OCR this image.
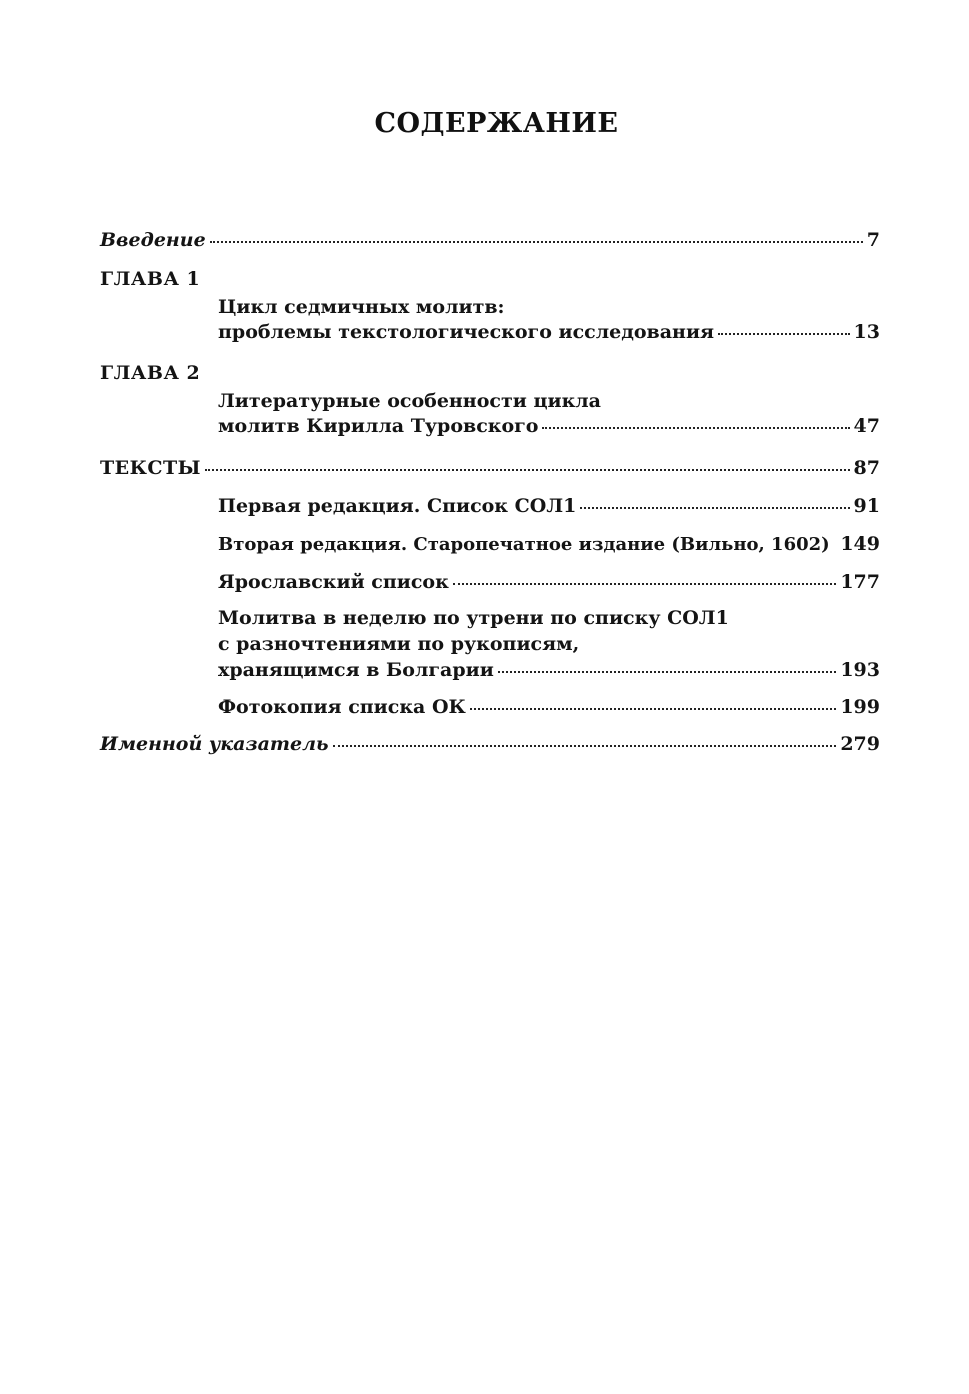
СОДЕРЖАНИЕ
Введение	7
ГЛАВА 1
Цикл седмичных молитв:
проблемы текстологического исследования	13
ГЛАВА 2
Литературные особенности цикла
молитв Кирилла Туровского	47
ТЕКСТЫ	87
Первая редакция. Список СОЛ1	91
Вторая редакция. Старопечатное издание (Вильно, 1602) 149
Ярославский список	177
Молитва в неделю по утрени по списку СОЛ1
с разночтениями по рукописям,
хранящимся в Болгарии	193
Фотокопия списка ОК	199
Именной указатель	279
